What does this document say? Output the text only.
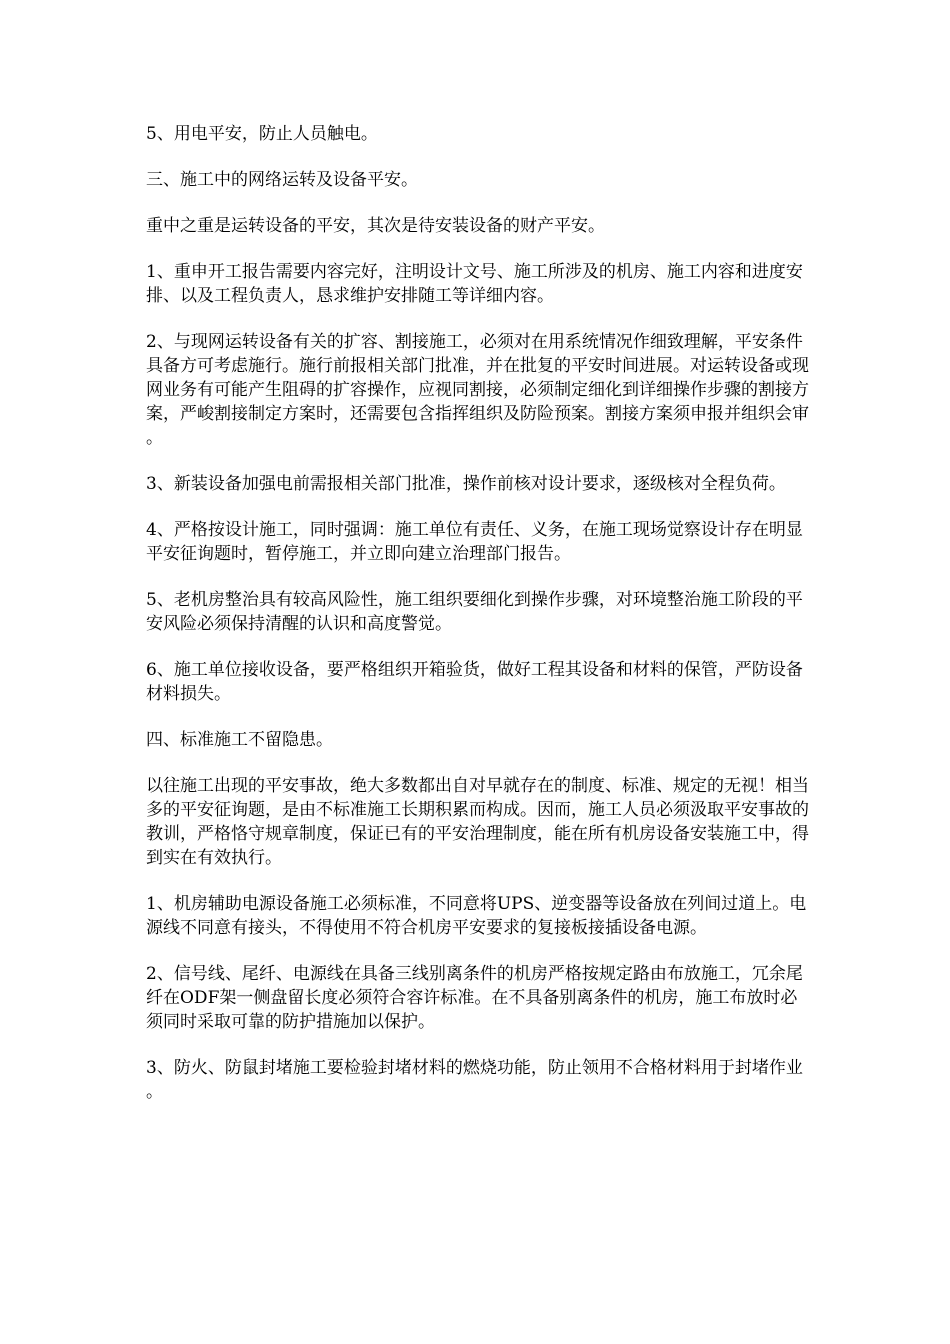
5、用电平安，防止人员触电。

三、施工中的网络运转及设备平安。

重中之重是运转设备的平安，其次是待安装设备的财产平安。

1、重申开工报告需要内容完好，注明设计文号、施工所涉及的机房、施工内容和进度安排、以及工程负责人，恳求维护安排随工等详细内容。

2、与现网运转设备有关的扩容、割接施工，必须对在用系统情况作细致理解，平安条件具备方可考虑施行。施行前报相关部门批准，并在批复的平安时间进展。对运转设备或现网业务有可能产生阻碍的扩容操作，应视同割接，必须制定细化到详细操作步骤的割接方案，严峻割接制定方案时，还需要包含指挥组织及防险预案。割接方案须申报并组织会审。

3、新装设备加强电前需报相关部门批准，操作前核对设计要求，逐级核对全程负荷。

4、严格按设计施工，同时强调：施工单位有责任、义务，在施工现场觉察设计存在明显平安征询题时，暂停施工，并立即向建立治理部门报告。

5、老机房整治具有较高风险性，施工组织要细化到操作步骤，对环境整治施工阶段的平安风险必须保持清醒的认识和高度警觉。

6、施工单位接收设备，要严格组织开箱验货，做好工程其设备和材料的保管，严防设备材料损失。

四、标准施工不留隐患。

以往施工出现的平安事故，绝大多数都出自对早就存在的制度、标准、规定的无视！相当多的平安征询题，是由不标准施工长期积累而构成。因而，施工人员必须汲取平安事故的教训，严格恪守规章制度，保证已有的平安治理制度，能在所有机房设备安装施工中，得到实在有效执行。

1、机房辅助电源设备施工必须标准，不同意将UPS、逆变器等设备放在列间过道上。电源线不同意有接头，不得使用不符合机房平安要求的复接板接插设备电源。

2、信号线、尾纤、电源线在具备三线别离条件的机房严格按规定路由布放施工，冗余尾纤在ODF架一侧盘留长度必须符合容许标准。在不具备别离条件的机房，施工布放时必须同时采取可靠的防护措施加以保护。

3、防火、防鼠封堵施工要检验封堵材料的燃烧功能，防止领用不合格材料用于封堵作业。
